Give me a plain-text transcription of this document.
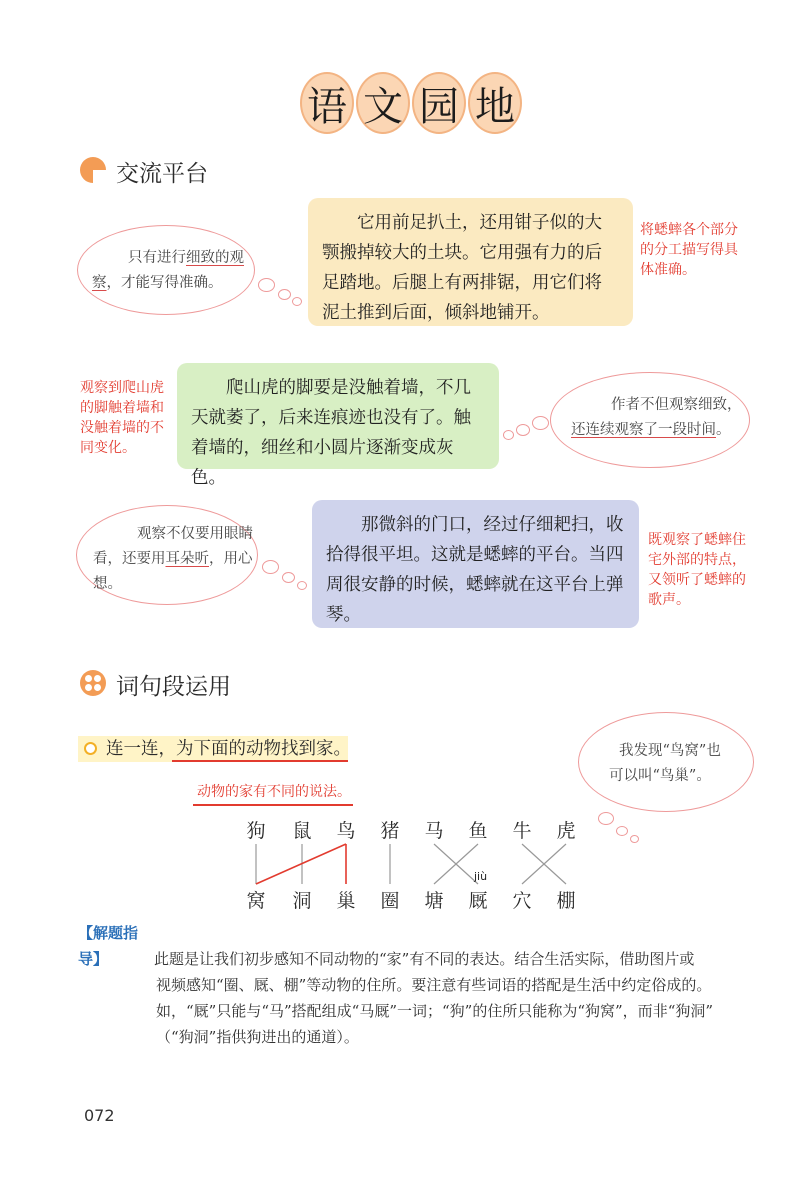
语 文 园 地
交流平台
只有进行细致的观察，才能写得准确。
它用前足扒土，还用钳子似的大颚搬掉较大的土块。它用强有力的后足踏地。后腿上有两排锯，用它们将泥土推到后面，倾斜地铺开。
将蟋蟀各个部分的分工描写得具体准确。
观察到爬山虎的脚触着墙和没触着墙的不同变化。
爬山虎的脚要是没触着墙，不几天就萎了，后来连痕迹也没有了。触着墙的，细丝和小圆片逐渐变成灰色。
作者不但观察细致，还连续观察了一段时间。
观察不仅要用眼睛看，还要用耳朵听，用心想。
那微斜的门口，经过仔细耙扫，收拾得很平坦。这就是蟋蟀的平台。当四周很安静的时候，蟋蟀就在这平台上弹琴。
既观察了蟋蟀住宅外部的特点，又领听了蟋蟀的歌声。
词句段运用
连一连，为下面的动物找到家。	我发现“鸟窝”也
可以叫“鸟巢”。
动物的家有不同的说法。
狗 鼠 鸟 猪 马 鱼 牛 虎
窝 洞 巢 圈 塘 厩 穴 棚
jiù
【解题指导】	此题是让我们初步感知不同动物的“家”有不同的表达。结合生活实际，借助图片或
视频感知“圈、厩、棚”等动物的住所。要注意有些词语的搭配是生活中约定俗成的。
如，“厩”只能与“马”搭配组成“马厩”一词；“狗”的住所只能称为“狗窝”，而非“狗洞”
（“狗洞”指供狗进出的通道）。
072
